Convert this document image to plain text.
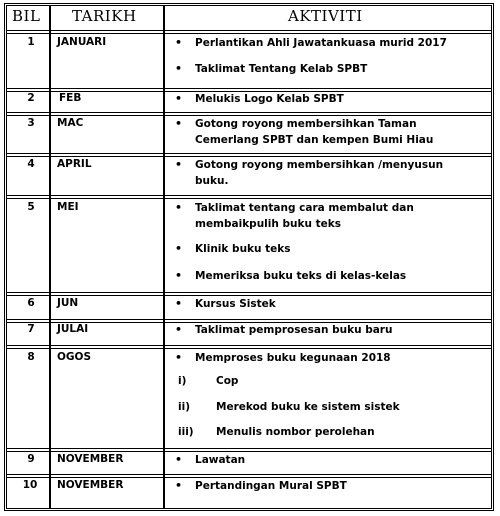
BIL TARIKH	AKTIVITI
1	JANUARI	• Perlantikan Ahli Jawatankuasa murid 2017
• Taklimat Tentang Kelab SPBT
2	FEB	• Melukis Logo Kelab SPBT
3	MAC	• Gotong royong membersihkan Taman
Cemerlang SPBT dan kempen Bumi Hiau
4	APRIL	• Gotong royong membersihkan /menyusun
buku.
5	MEI	• Taklimat tentang cara membalut dan
membaikpulih buku teks
• Klinik buku teks
• Memeriksa buku teks di kelas-kelas
6	JUN	• Kursus Sistek
7	JULAI	• Taklimat pemprosesan buku baru
8	OGOS	• Memproses buku kegunaan 2018
i)	Cop
ii) Merekod buku ke sistem sistek
iii) Menulis nombor perolehan
9	NOVEMBER	• Lawatan
10 NOVEMBER	• Pertandingan Mural SPBT
